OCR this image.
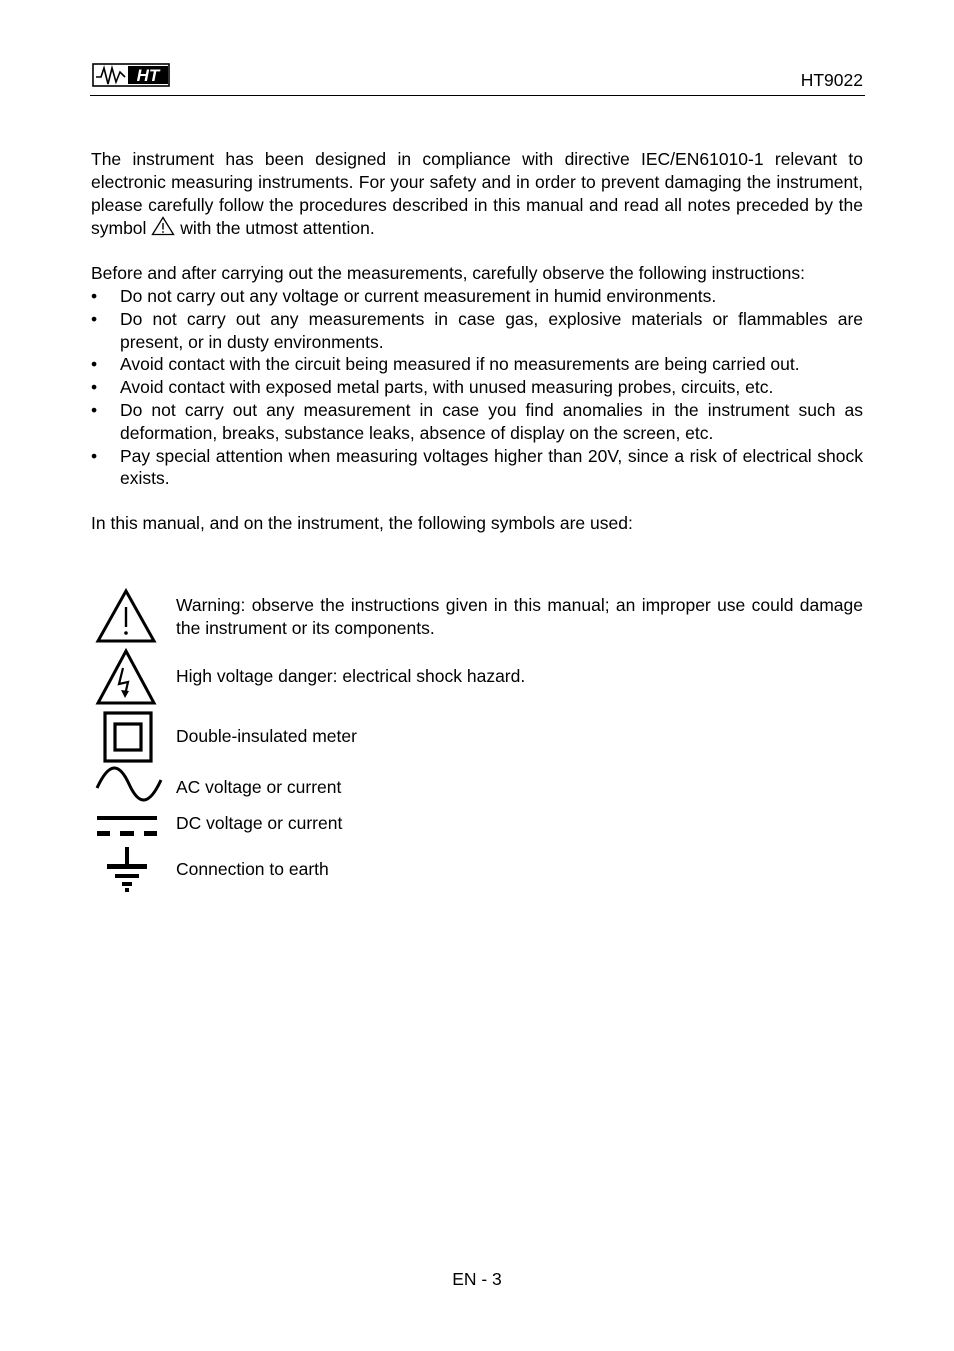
HT	HT9022

The instrument has been designed in compliance with directive IEC/EN61010-1 relevant to electronic measuring instruments. For your safety and in order to prevent damaging the instrument, please carefully follow the procedures described in this manual and read all notes preceded by the symbol with the utmost attention.

Before and after carrying out the measurements, carefully observe the following instructions:

• Do not carry out any voltage or current measurement in humid environments.
• Do not carry out any measurements in case gas, explosive materials or flammables are present, or in dusty environments.
• Avoid contact with the circuit being measured if no measurements are being carried out.
• Avoid contact with exposed metal parts, with unused measuring probes, circuits, etc.
• Do not carry out any measurement in case you find anomalies in the instrument such as deformation, breaks, substance leaks, absence of display on the screen, etc.
• Pay special attention when measuring voltages higher than 20V, since a risk of electrical shock exists.

In this manual, and on the instrument, the following symbols are used:

Warning: observe the instructions given in this manual; an improper use could damage the instrument or its components.
High voltage danger: electrical shock hazard.
Double-insulated meter
AC voltage or current
DC voltage or current
Connection to earth
EN - 3
